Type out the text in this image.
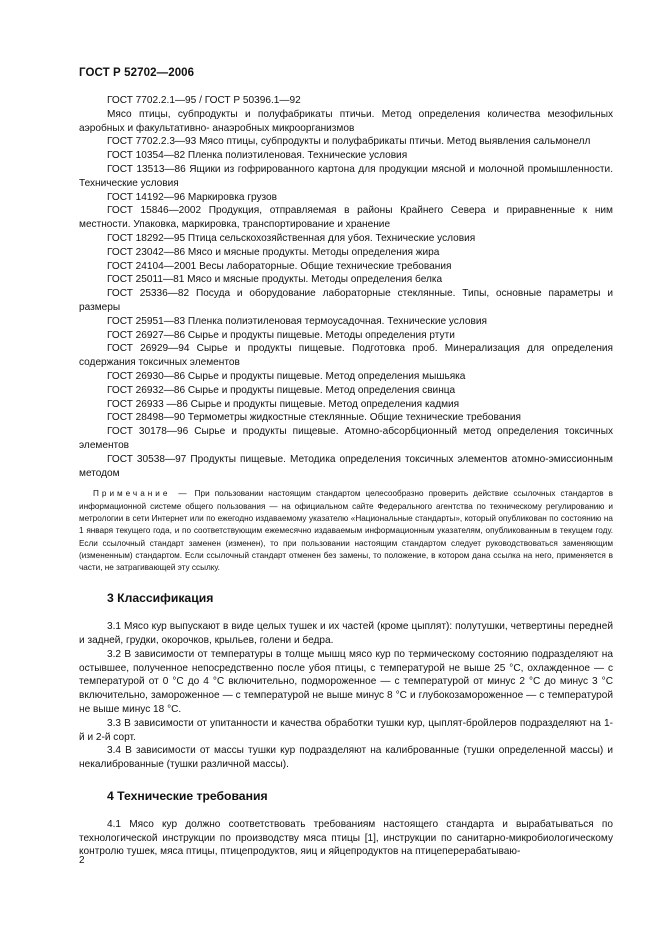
ГОСТ Р 52702—2006

ГОСТ 7702.2.1—95 / ГОСТ Р 50396.1—92

Мясо птицы, субпродукты и полуфабрикаты птичьи. Метод определения количества мезофильных аэробных и факультативно- анаэробных микроорганизмов

ГОСТ 7702.2.3—93 Мясо птицы, субпродукты и полуфабрикаты птичьи. Метод выявления сальмонелл

ГОСТ 10354—82 Пленка полиэтиленовая. Технические условия

ГОСТ 13513—86 Ящики из гофрированного картона для продукции мясной и молочной промышленности. Технические условия

ГОСТ 14192—96 Маркировка грузов

ГОСТ 15846—2002 Продукция, отправляемая в районы Крайнего Севера и приравненные к ним местности. Упаковка, маркировка, транспортирование и хранение

ГОСТ 18292—95 Птица сельскохозяйственная для убоя. Технические условия

ГОСТ 23042—86 Мясо и мясные продукты. Методы определения жира

ГОСТ 24104—2001 Весы лабораторные. Общие технические требования

ГОСТ 25011—81 Мясо и мясные продукты. Методы определения белка

ГОСТ 25336—82 Посуда и оборудование лабораторные стеклянные. Типы, основные параметры и размеры

ГОСТ 25951—83 Пленка полиэтиленовая термоусадочная. Технические условия

ГОСТ 26927—86 Сырье и продукты пищевые. Методы определения ртути

ГОСТ 26929—94 Сырье и продукты пищевые. Подготовка проб. Минерализация для определения содержания токсичных элементов

ГОСТ 26930—86 Сырье и продукты пищевые. Метод определения мышьяка

ГОСТ 26932—86 Сырье и продукты пищевые. Метод определения свинца

ГОСТ 26933 —86 Сырье и продукты пищевые. Метод определения кадмия

ГОСТ 28498—90 Термометры жидкостные стеклянные. Общие технические требования

ГОСТ 30178—96 Сырье и продукты пищевые. Атомно-абсорбционный метод определения токсичных элементов

ГОСТ 30538—97 Продукты пищевые. Методика определения токсичных элементов атомно-эмиссионным методом

Примечание — При пользовании настоящим стандартом целесообразно проверить действие ссылочных стандартов в информационной системе общего пользования — на официальном сайте Федерального агентства по техническому регулированию и метрологии в сети Интернет или по ежегодно издаваемому указателю «Национальные стандарты», который опубликован по состоянию на 1 января текущего года, и по соответствующим ежемесячно издаваемым информационным указателям, опубликованным в текущем году. Если ссылочный стандарт заменен (изменен), то при пользовании настоящим стандартом следует руководствоваться заменяющим (измененным) стандартом. Если ссылочный стандарт отменен без замены, то положение, в котором дана ссылка на него, применяется в части, не затрагивающей эту ссылку.

3 Классификация

3.1 Мясо кур выпускают в виде целых тушек и их частей (кроме цыплят): полутушки, четвертины передней и задней, грудки, окорочков, крыльев, голени и бедра.

3.2 В зависимости от температуры в толще мышц мясо кур по термическому состоянию подразделяют на остывшее, полученное непосредственно после убоя птицы, с температурой не выше 25 °С, охлажденное — с температурой от 0 °С до 4 °С включительно, подмороженное — с температурой от минус 2 °С до минус 3 °С включительно, замороженное — с температурой не выше минус 8 °С и глубокозамороженное — с температурой не выше минус 18 °С.

3.3 В зависимости от упитанности и качества обработки тушки кур, цыплят-бройлеров подразделяют на 1-й и 2-й сорт.

3.4 В зависимости от массы тушки кур подразделяют на калиброванные (тушки определенной массы) и некалиброванные (тушки различной массы).

4 Технические требования

4.1 Мясо кур должно соответствовать требованиям настоящего стандарта и вырабатываться по технологической инструкции по производству мяса птицы [1], инструкции по санитарно-микробиологическому контролю тушек, мяса птицы, птицепродуктов, яиц и яйцепродуктов на птицеперерабатываю-

2
